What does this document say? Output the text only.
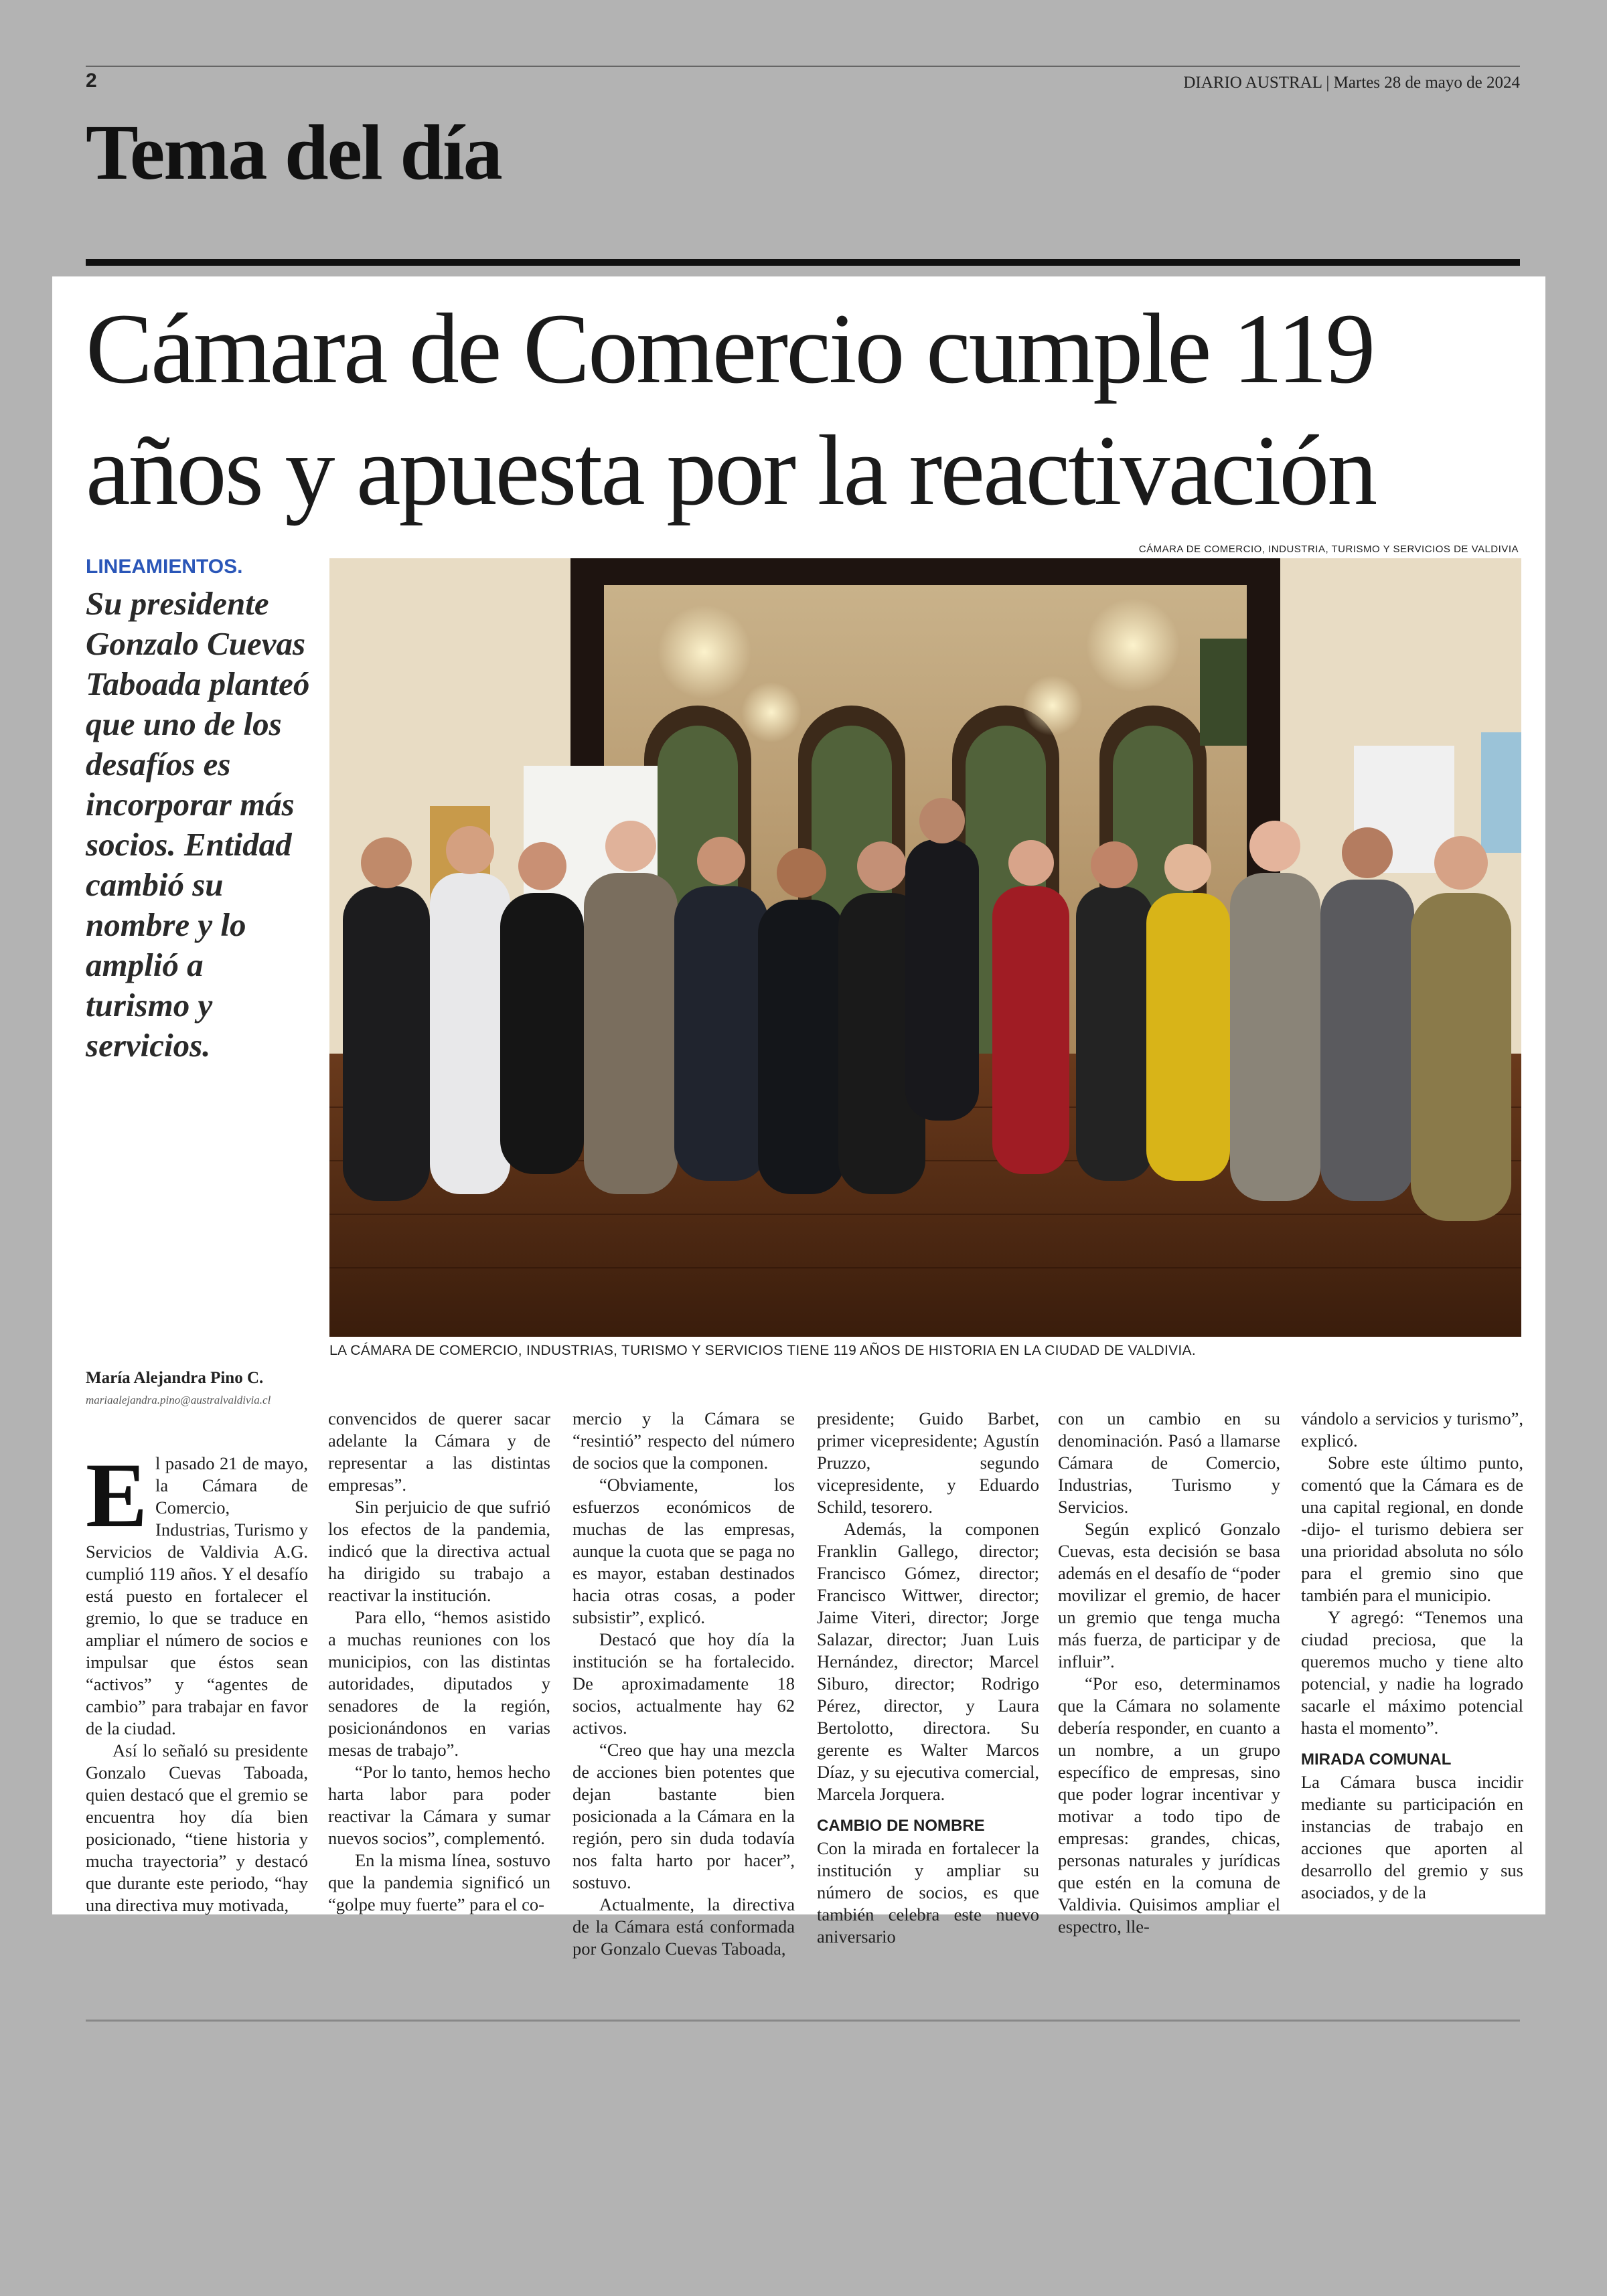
2	DIARIO AUSTRAL | Martes 28 de mayo de 2024
Tema del día
Cámara de Comercio cumple 119 años y apuesta por la reactivación
LINEAMIENTOS.
Su presidente Gonzalo Cuevas Taboada planteó que uno de los desafíos es incorporar más socios. Entidad cambió su nombre y lo amplió a turismo y servicios.
CÁMARA DE COMERCIO, INDUSTRIA, TURISMO Y SERVICIOS DE VALDIVIA
LA CÁMARA DE COMERCIO, INDUSTRIAS, TURISMO Y SERVICIOS TIENE 119 AÑOS DE HISTORIA EN LA CIUDAD DE VALDIVIA.
María Alejandra Pino C.
mariaalejandra.pino@australvaldivia.cl
E l pasado 21 de mayo, la Cámara de Comercio, Industrias, Turismo y Servicios de Valdivia A.G. cumplió 119 años. Y el desafío está puesto en fortalecer el gremio, lo que se traduce en ampliar el número de socios e impulsar que éstos sean “activos” y “agentes de cambio” para trabajar en favor de la ciudad.

Así lo señaló su presidente Gonzalo Cuevas Taboada, quien destacó que el gremio se encuentra hoy día bien posicionado, “tiene historia y mucha trayectoria” y destacó que durante este periodo, “hay una directiva muy motivada,

convencidos de querer sacar adelante la Cámara y de representar a las distintas empresas”.

Sin perjuicio de que sufrió los efectos de la pandemia, indicó que la directiva actual ha dirigido su trabajo a reactivar la institución.

Para ello, “hemos asistido a muchas reuniones con los municipios, con las distintas autoridades, diputados y senadores de la región, posicionándonos en varias mesas de trabajo”.

“Por lo tanto, hemos hecho harta labor para poder reactivar la Cámara y sumar nuevos socios”, complementó.

En la misma línea, sostuvo que la pandemia significó un “golpe muy fuerte” para el co-

mercio y la Cámara se “resintió” respecto del número de socios que la componen.

“Obviamente, los esfuerzos económicos de muchas de las empresas, aunque la cuota que se paga no es mayor, estaban destinados hacia otras cosas, a poder subsistir”, explicó.

Destacó que hoy día la institución se ha fortalecido. De aproximadamente 18 socios, actualmente hay 62 activos.

“Creo que hay una mezcla de acciones bien potentes que dejan bastante bien posicionada a la Cámara en la región, pero sin duda todavía nos falta harto por hacer”, sostuvo.

Actualmente, la directiva de la Cámara está conformada por Gonzalo Cuevas Taboada,

presidente; Guido Barbet, primer vicepresidente; Agustín Pruzzo, segundo vicepresidente, y Eduardo Schild, tesorero.

Además, la componen Franklin Gallego, director; Francisco Gómez, director; Francisco Wittwer, director; Jaime Viteri, director; Jorge Salazar, director; Juan Luis Hernández, director; Marcel Siburo, director; Rodrigo Pérez, director, y Laura Bertolotto, directora. Su gerente es Walter Marcos Díaz, y su ejecutiva comercial, Marcela Jorquera.

CAMBIO DE NOMBRE

Con la mirada en fortalecer la institución y ampliar su número de socios, es que también celebra este nuevo aniversario

con un cambio en su denominación. Pasó a llamarse Cámara de Comercio, Industrias, Turismo y Servicios.

Según explicó Gonzalo Cuevas, esta decisión se basa además en el desafío de “poder movilizar el gremio, de hacer un gremio que tenga mucha más fuerza, de participar y de influir”.

“Por eso, determinamos que la Cámara no solamente debería responder, en cuanto a un nombre, a un grupo específico de empresas, sino que poder lograr incentivar y motivar a todo tipo de empresas: grandes, chicas, personas naturales y jurídicas que estén en la comuna de Valdivia. Quisimos ampliar el espectro, lle-

vándolo a servicios y turismo”, explicó.

Sobre este último punto, comentó que la Cámara es de una capital regional, en donde -dijo- el turismo debiera ser una prioridad absoluta no sólo para el gremio sino que también para el municipio.

Y agregó: “Tenemos una ciudad preciosa, que la queremos mucho y tiene alto potencial, y nadie ha logrado sacarle el máximo potencial hasta el momento”.

MIRADA COMUNAL

La Cámara busca incidir mediante su participación en instancias de trabajo en acciones que aporten al desarrollo del gremio y sus asociados, y de la
